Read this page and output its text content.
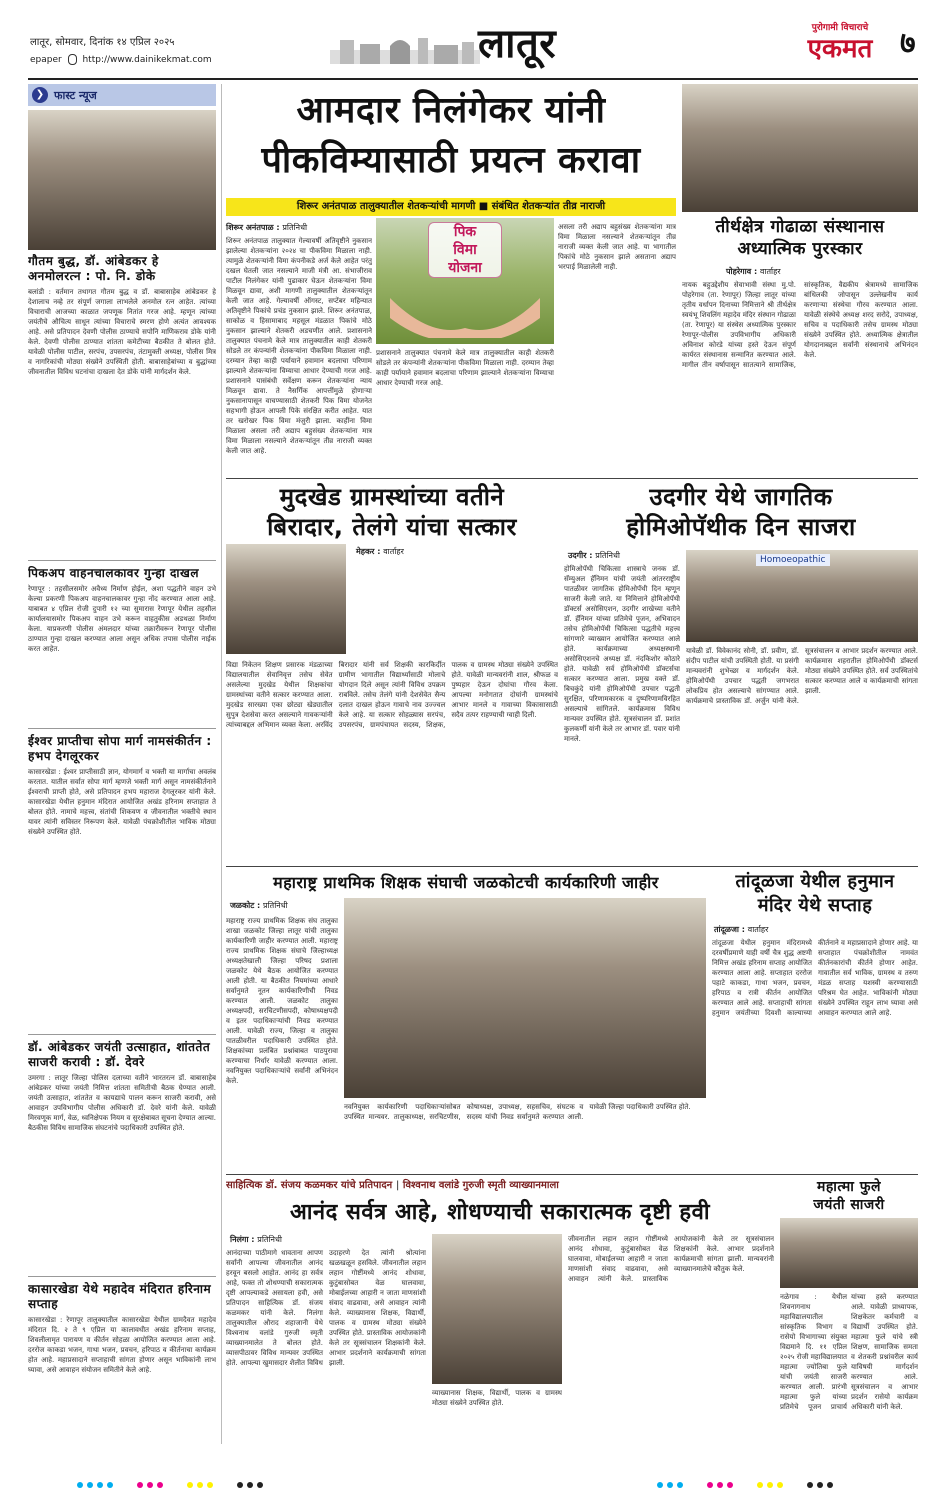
लातूर, सोमवार, दिनांक १४ एप्रिल २०२५
epaper http://www.dainikekmat.com	लातूर	पुरोगामी विचाराचे
एकमत ७
❯ फास्ट न्यूज
गौतम बुद्ध, डॉ. आंबेडकर हे अनमोलरत्न : पो. नि. डोके
बलांडी : वर्तमान तथागत गौतम बुद्ध व डॉ. बाबासाहेब आंबेडकर हे देशालाच नव्हे तर संपूर्ण जगाला लाभलेले अनमोल रत्न आहेत. त्यांच्या विचाराची आजच्या काळात जपणूक नितांत गरज आहे. म्हणून त्यांच्या जयंतीचे औचित्य साधून त्यांच्या विचाराचे स्मरण होणे अत्यंत आवश्यक आहे. असे प्रतिपादन देवणी पोलीस ठाण्याचे सपोनि माणिकराव डोके यांनी केले. देवणी पोलीस ठाण्यात शांतता कमेटीच्या बैठकीत ते बोलत होते. यावेळी पोलीस पाटील, सरपंच, उपसरपंच, तंटामुक्ती अध्यक्ष, पोलीस मित्र व नागरिकांची मोठ्या संख्येने उपस्थिती होती. बाबासाहेबांच्या व बुद्धांच्या जीवनातील विविध घटनांचा दाखला देत डोके यांनी मार्गदर्शन केले.
पिकअप वाहनचालकावर गुन्हा दाखल
रेणापूर : तहसीलसमोर अवैध्य निर्माण होईल, अशा पद्धतीने वाहन उभे केल्या प्रकरणी पिकअप वाहनचालकावर गुन्हा नोंद करण्यात आला आहे. याबाबत ४ एप्रिल रोजी दुपारी १२ च्या सुमारास रेणापूर येथील तहसील कार्यालयासमोर पिकअप वाहन उभे करून वाहतुकीस अडथळा निर्माण केला. याप्रकरणी पोलीस अंमलदार यांच्या तक्रारीवरून रेणापूर पोलीस ठाण्यात गुन्हा दाखल करण्यात आला असून अधिक तपास पोलीस नाईक करत आहेत.
ईश्वर प्राप्तीचा सोपा मार्ग नामसंकीर्तन : हभप देगलूरकर
कासारखेडा : ईश्वर प्राप्तीसाठी ज्ञान, योगमार्ग व भक्ती या मार्गाचा अवलंब करतात. यातील सर्वात सोपा मार्ग म्हणजे भक्ती मार्ग असून नामसंकीर्तनाने ईश्वराची प्राप्ती होते, असे प्रतिपादन हभप महाराज देगलूरकर यांनी केले. कासारखेडा येथील हनुमान मंदिरात आयोजित अखंड हरिनाम सप्ताहात ते बोलत होते. नामाचे महत्त्व, संतांची शिकवण व जीवनातील भक्तीचे स्थान यावर त्यांनी सविस्तर निरूपण केले. यावेळी पंचक्रोशीतील भाविक मोठ्या संख्येने उपस्थित होते.
डॉ. आंबेडकर जयंती उत्साहात, शांततेत साजरी करावी : डॉ. देवरे
उमरगा : लातूर जिल्हा पोलिस दलाच्या वतीने भारतरत्न डॉ. बाबासाहेब आंबेडकर यांच्या जयंती निमित्त शांतता समितीची बैठक घेण्यात आली. जयंती उत्साहात, शांततेत व कायद्याचे पालन करून साजरी करावी, असे आवाहन उपविभागीय पोलीस अधिकारी डॉ. देवरे यांनी केले. यावेळी मिरवणूक मार्ग, वेळ, ध्वनिक्षेपक नियम व सुरक्षेबाबत सूचना देण्यात आल्या. बैठकीस विविध सामाजिक संघटनांचे पदाधिकारी उपस्थित होते.
कासारखेडा येथे महादेव मंदिरात हरिनाम सप्ताह
कासारखेडा : रेणापूर तालुक्यातील कासारखेडा येथील ग्रामदैवत महादेव मंदिरात दि. २ ते ९ एप्रिल या कालावधीत अखंड हरिनाम सप्ताह, शिवलीलामृत पारायण व कीर्तन सोहळा आयोजित करण्यात आला आहे. दररोज काकडा भजन, गाथा भजन, प्रवचन, हरिपाठ व कीर्तनाचा कार्यक्रम होत आहे. महाप्रसादाने सप्ताहाची सांगता होणार असून भाविकांनी लाभ घ्यावा, असे आवाहन संयोजन समितीने केले आहे.
आमदार निलंगेकर यांनी
पीकविम्यासाठी प्रयत्न करावा
शिरूर अनंतपाळ तालुक्यातील शेतकऱ्यांची मागणी ■ संबंधित शेतकऱ्यांत तीव्र नाराजी
शिरूर अनंतपाळ : प्रतिनिधी	पिक
विमा
योजना
शिरूर अनंतपाळ तालुक्यात गेल्यावर्षी अतिवृष्टीने नुकसान झालेल्या शेतकऱ्यांना २०२४ चा पीकविमा मिळाला नाही. त्यामुळे शेतकऱ्यांनी विमा कंपनीकडे अर्ज केले आहेत परंतु दखल घेतली जात नसल्याने माजी मंत्री आ. संभाजीराव पाटील निलंगेकर यांनी पुढाकार घेऊन शेतकऱ्यांना विमा मिळवून द्यावा, अशी मागणी तालुक्यातील शेतकऱ्यांतून केली जात आहे. गेल्यावर्षी ऑगस्ट, सप्टेंबर महिन्यात अतिवृष्टीने पिकांचे प्रचंड नुकसान झाले. शिरूर अनंतपाळ, साकोळ व हिसामाबाद महसूल मंडळात पिकांचे मोठे नुकसान झाल्याने शेतकरी अडचणीत आले. प्रशासनाने तालुक्यात पंचनामे केले मात्र तालुक्यातील काही शेतकरी सोडले तर कंपन्यांनी शेतकऱ्यांना पीकविमा मिळाला नाही. दरम्यान तेव्हा काही पर्यायाने हवामान बदलाचा परिणाम झाल्याने शेतकऱ्यांना विम्याचा आधार देण्याची गरज आहे. प्रशासनाने यासंबंधी सर्वेक्षण करून शेतकऱ्यांना न्याय मिळवून द्यावा. ते नैसर्गिक आपत्तींमुळे होणाऱ्या नुकसानापासून वाचण्यासाठी शेतकरी पिक विमा योजनेत सहभागी होऊन आपली पिके संरक्षित करीत आहेत. यात तर खरोखर पिक विमा मंजुरी झाला. काहींना विमा मिळाला असला तरी अद्याप बहुसंख्य शेतकऱ्यांना मात्र विमा मिळाला नसल्याने शेतकऱ्यांतून तीव्र नाराजी व्यक्त केली जात आहे.
प्रशासनाने तालुक्यात पंचनामे केले मात्र तालुक्यातील काही शेतकरी सोडले तर कंपन्यांनी शेतकऱ्यांना पीकविमा मिळाला नाही. दरम्यान तेव्हा काही पर्यायाने हवामान बदलाचा परिणाम झाल्याने शेतकऱ्यांना विम्याचा आधार देण्याची गरज आहे.
असला तरी अद्याप बहुसंख्य शेतकऱ्यांना मात्र विमा मिळाला नसल्याने शेतकऱ्यांतून तीव्र नाराजी व्यक्त केली जात आहे. या भागातील पिकांचे मोठे नुकसान झाले असताना अद्याप भरपाई मिळालेली नाही.
तीर्थक्षेत्र गोढाळा संस्थानास
अध्यात्मिक पुरस्कार
पोहरेगाव : वार्ताहर
नायक बहुउद्देशीय सेवाभावी संस्था मु.पो. पोहरेगाव (ता. रेणापूर) जिल्हा लातूर यांच्या तृतीय वर्धापन दिनाच्या निमित्ताने श्री तीर्थक्षेत्र स्वयंभू शिवलिंग महादेव मंदिर संस्थान गोढाळा (ता. रेणापूर) या संस्थेस अध्यात्मिक पुरस्कार रेणापूर-पोलीस उपविभागीय अधिकारी अविनाश कोरडे यांच्या हस्ते देऊन संपूर्ण कार्यरत संस्थानास सन्मानित करण्यात आले. मागील तीन वर्षापासून सातत्याने सामाजिक, सांस्कृतिक, वैद्यकीय श्रेत्रामध्ये सामाजिक बांधिलकी जोपासून उल्लेखनीय कार्य करणाऱ्या संस्थेचा गौरव करण्यात आला. यावेळी संस्थेचे अध्यक्ष शरद सरोदे, उपाध्यक्ष, सचिव व पदाधिकारी तसेच ग्रामस्थ मोठ्या संख्येने उपस्थित होते. अध्यात्मिक क्षेत्रातील योगदानाबद्दल सर्वांनी संस्थानाचे अभिनंदन केले.
मुदखेड ग्रामस्थांच्या वतीने
बिरादार, तेलंगे यांचा सत्कार
मेहकर : वार्ताहर
विद्या निकेतन शिक्षण प्रसारक मंडळाच्या विद्यालयातील सेवानिवृत्त तसेच सेवेत असलेल्या मुदखेड येथील शिक्षकांचा ग्रामस्थांच्या वतीने सत्कार करण्यात आला. मुदखेड सारख्या एका छोट्या खेड्यातील सुपुत्र देशसेवा करत असल्याने गावकऱ्यांनी त्यांच्याबद्दल अभिमान व्यक्त केला. अरविंद बिरादार यांनी सर्व शिक्षकी कारकिर्दीत ग्रामीण भागातील विद्यार्थ्यांसाठी मोलाचे योगदान दिले असून त्यांनी विविध उपक्रम राबविले. तसेच तेलंगे यांनी देशसेवेत सैन्य दलात दाखल होऊन गावाचे नाव उज्ज्वल केले आहे. या सत्कार सोहळ्यास सरपंच, उपसरपंच, ग्रामपंचायत सदस्य, शिक्षक, पालक व ग्रामस्थ मोठ्या संख्येने उपस्थित होते. यावेळी मान्यवरांनी शाल, श्रीफळ व पुष्पहार देऊन दोघांचा गौरव केला. आपल्या मनोगतात दोघांनी ग्रामस्थांचे आभार मानले व गावाच्या विकासासाठी सदैव तत्पर राहण्याची ग्वाही दिली.
उदगीर येथे जागतिक
होमिओपॅथीक दिन साजरा
उदगीर : प्रतिनिधी
होमिओपॅथी चिकित्सा शास्त्राचे जनक डॉ. सॅम्युअल हॅनिमन यांची जयंती आंतरराष्ट्रीय पातळीवर जागतिक होमिओपॅथी दिन म्हणून साजरी केली जाते. या निमित्ताने होमिओपॅथी डॉक्टर्स असोसिएशन, उदगीर शाखेच्या वतीने डॉ. हॅनिमन यांच्या प्रतिमेचे पूजन, अभिवादन तसेच होमिओपॅथी चिकित्सा पद्धतीचे महत्त्व सांगणारे व्याख्यान आयोजित करण्यात आले होते. कार्यक्रमाच्या अध्यक्षस्थानी असोसिएशनचे अध्यक्ष डॉ. नंदकिशोर कोठारे होते. यावेळी सर्व होमिओपॅथी डॉक्टर्सचा सत्कार करण्यात आला. प्रमुख वक्ते डॉ. बिचकुंदे यांनी होमिओपॅथी उपचार पद्धती सुरक्षित, परिणामकारक व दुष्परिणामविरहित असल्याचे सांगितले. कार्यक्रमास विविध मान्यवर उपस्थित होते. सूत्रसंचालन डॉ. प्रशांत कुलकर्णी यांनी केले तर आभार डॉ. पवार यांनी मानले.
Homoeopathic
यावेळी डॉ. विवेकानंद सोनी, डॉ. प्रवीण, डॉ. संदीप पाटील यांची उपस्थिती होती. या प्रसंगी मान्यवरांनी शुभेच्छा व मार्गदर्शन केले. होमिओपॅथी उपचार पद्धती जगभरात लोकप्रिय होत असल्याचे सांगण्यात आले. कार्यक्रमाचे प्रास्ताविक डॉ. अर्जुन यांनी केले. सूत्रसंचालन व आभार प्रदर्शन करण्यात आले. कार्यक्रमास शहरातील होमिओपॅथी डॉक्टर्स मोठ्या संख्येने उपस्थित होते. सर्व उपस्थितांचे सत्कार करण्यात आले व कार्यक्रमाची सांगता झाली.
महाराष्ट्र प्राथमिक शिक्षक संघाची जळकोटची कार्यकारिणी जाहीर
जळकोट : प्रतिनिधी
महाराष्ट्र राज्य प्राथमिक शिक्षक संघ तालुका शाखा जळकोट जिल्हा लातूर यांची तालुका कार्यकारिणी जाहीर करण्यात आली. महाराष्ट्र राज्य प्राथमिक शिक्षक संघाचे जिल्हाध्यक्ष अध्यक्षतेखाली जिल्हा परिषद प्रशाला जळकोट येथे बैठक आयोजित करण्यात आली होती. या बैठकीत नियमांच्या आधारे सर्वानुमते नूतन कार्यकारिणीची निवड करण्यात आली. जळकोट तालुका अध्यक्षपदी, सरचिटणीसपदी, कोषाध्यक्षपदी व इतर पदाधिकाऱ्यांची निवड करण्यात आली. यावेळी राज्य, जिल्हा व तालुका पातळीवरील पदाधिकारी उपस्थित होते. शिक्षकांच्या प्रलंबित प्रश्नांबाबत पाठपुरावा करण्याचा निर्धार यावेळी करण्यात आला. नवनियुक्त पदाधिकाऱ्यांचे सर्वांनी अभिनंदन केले.
नवनियुक्त कार्यकारिणी पदाधिकाऱ्यांसोबत उपस्थित मान्यवर. तालुकाध्यक्ष, सरचिटणीस, कोषाध्यक्ष, उपाध्यक्ष, सहसचिव, संघटक व सदस्य यांची निवड सर्वानुमते करण्यात आली. यावेळी जिल्हा पदाधिकारी उपस्थित होते.
तांदूळजा येथील हनुमान
मंदिर येथे सप्ताह
तांदूळजा : वार्ताहर
तांदूळजा येथील हनुमान मंदिरामध्ये दरवर्षीप्रमाणे याही वर्षी चैत्र शुद्ध अष्टमी निमित्त अखंड हरिनाम सप्ताह आयोजित करण्यात आला आहे. सप्ताहात दररोज पहाटे काकडा, गाथा भजन, प्रवचन, हरिपाठ व रात्री कीर्तन आयोजित करण्यात आले आहे. सप्ताहाची सांगता हनुमान जयंतीच्या दिवशी काल्याच्या कीर्तनाने व महाप्रसादाने होणार आहे. या सप्ताहात पंचक्रोशीतील नामवंत कीर्तनकारांची कीर्तने होणार आहेत. गावातील सर्व भाविक, ग्रामस्थ व तरुण मंडळ सप्ताह यशस्वी करण्यासाठी परिश्रम घेत आहेत. भाविकांनी मोठ्या संख्येने उपस्थित राहून लाभ घ्यावा असे आवाहन करण्यात आले आहे.
साहित्यिक डॉ. संजय कळमकर यांचे प्रतिपादन | विश्वनाथ वलांडे गुरुजी स्मृती व्याख्यानमाला
आनंद सर्वत्र आहे, शोधण्याची सकारात्मक दृष्टी हवी
निलंगा : प्रतिनिधी
आनंदाच्या पाठीमागे धावताना आपण सर्वांनी आपल्या जीवनातील आनंद हरवून बसलो आहोत. आनंद हा सर्वत्र आहे, फक्त तो शोधण्याची सकारात्मक दृष्टी आपल्याकडे असायला हवी, असे प्रतिपादन साहित्यिक डॉ. संजय कळमकर यांनी केले. निलंगा तालुक्यातील औराद शहाजानी येथे विश्वनाथ वलांडे गुरुजी स्मृती व्याख्यानमालेत ते बोलत होते. व्यासपीठावर विविध मान्यवर उपस्थित होते. आपल्या खुमासदार शैलीत विविध उदाहरणे देत त्यांनी श्रोत्यांना खळखळून हसविले. जीवनातील लहान लहान गोष्टींमध्ये आनंद शोधावा, कुटुंबासोबत वेळ घालवावा, मोबाईलच्या आहारी न जाता माणसांशी संवाद वाढवावा, असे आवाहन त्यांनी केले. व्याख्यानास शिक्षक, विद्यार्थी, पालक व ग्रामस्थ मोठ्या संख्येने उपस्थित होते. प्रास्ताविक आयोजकांनी केले तर सूत्रसंचालन शिक्षकांनी केले. आभार प्रदर्शनाने कार्यक्रमाची सांगता झाली.
व्याख्यानास शिक्षक, विद्यार्थी, पालक व ग्रामस्थ मोठ्या संख्येने उपस्थित होते.
जीवनातील लहान लहान गोष्टींमध्ये आनंद शोधावा, कुटुंबासोबत वेळ घालवावा, मोबाईलच्या आहारी न जाता माणसांशी संवाद वाढवावा, असे आवाहन त्यांनी केले. प्रास्ताविक आयोजकांनी केले तर सूत्रसंचालन शिक्षकांनी केले. आभार प्रदर्शनाने कार्यक्रमाची सांगता झाली. मान्यवरांनी व्याख्यानमालेचे कौतुक केले.
महात्मा फुले
जयंती साजरी
नळेगाव : येथील शिवनागनाथ महाविद्यालयातील सांस्कृतिक विभाग व रासेयो विभागाच्या संयुक्त विद्यमाने दि. ११ एप्रिल २०२५ रोजी महाविद्यालयात महात्मा ज्योतिबा फुले यांची जयंती साजरी करण्यात आली. प्रारंभी महात्मा फुले यांच्या प्रतिमेचे पूजन प्राचार्य यांच्या हस्ते करण्यात आले. यावेळी प्राध्यापक, शिक्षकेतर कर्मचारी व विद्यार्थी उपस्थित होते. महात्मा फुले यांचे स्त्री शिक्षण, सामाजिक समता व शेतकरी प्रश्नांवरील कार्य याविषयी मार्गदर्शन करण्यात आले. सूत्रसंचालन व आभार प्रदर्शन रासेयो कार्यक्रम अधिकारी यांनी केले.
